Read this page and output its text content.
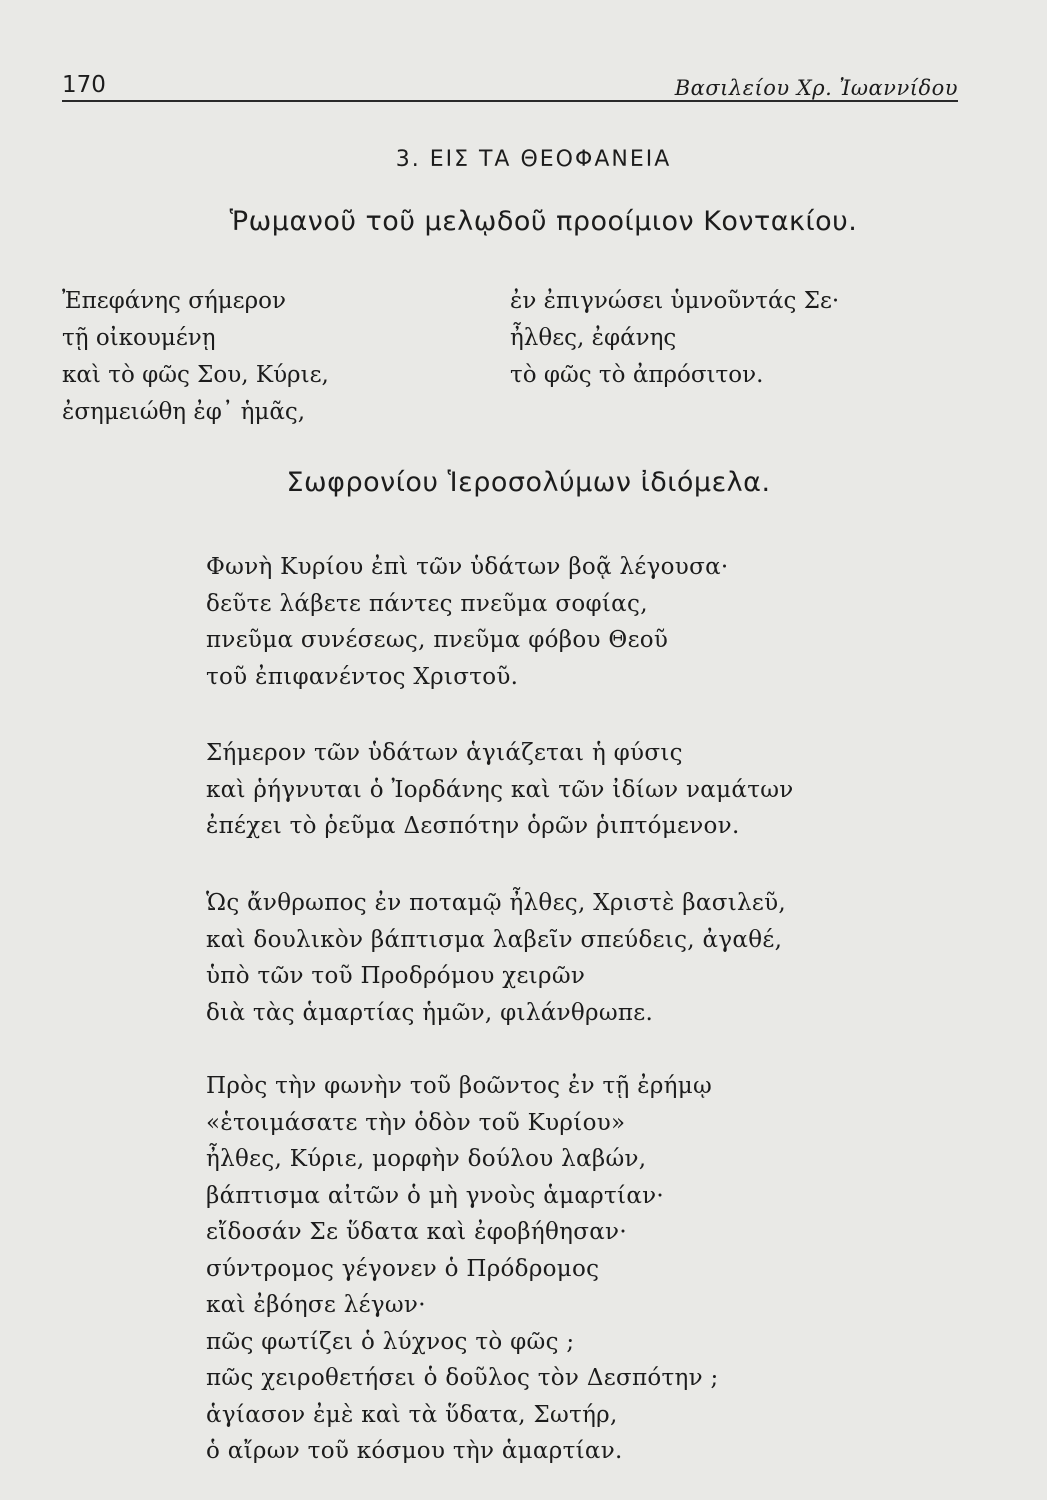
170	Βασιλείου Χρ. Ἰωαννίδου
3. ΕΙΣ ΤΑ ΘΕΟΦΑΝΕΙΑ
Ῥωμανοῦ τοῦ μελῳδοῦ προοίμιον Κοντακίου.
Ἐπεφάνης σήμερον
τῇ οἰκουμένῃ
καὶ τὸ φῶς Σου, Κύριε,
ἐσημειώθη ἐφ᾽ ἡμᾶς,
ἐν ἐπιγνώσει ὑμνοῦντάς Σε·
ἦλθες, ἐφάνης
τὸ φῶς τὸ ἀπρόσιτον.
Σωφρονίου Ἱεροσολύμων ἰδιόμελα.
Φωνὴ Κυρίου ἐπὶ τῶν ὑδάτων βοᾷ λέγουσα·
δεῦτε λάβετε πάντες πνεῦμα σοφίας,
πνεῦμα συνέσεως, πνεῦμα φόβου Θεοῦ
τοῦ ἐπιφανέντος Χριστοῦ.
Σήμερον τῶν ὑδάτων ἁγιάζεται ἡ φύσις
καὶ ῥήγνυται ὁ Ἰορδάνης καὶ τῶν ἰδίων ναμάτων
ἐπέχει τὸ ῥεῦμα Δεσπότην ὁρῶν ῥιπτόμενον.
Ὡς ἄνθρωπος ἐν ποταμῷ ἦλθες, Χριστὲ βασιλεῦ,
καὶ δουλικὸν βάπτισμα λαβεῖν σπεύδεις, ἀγαθέ,
ὑπὸ τῶν τοῦ Προδρόμου χειρῶν
διὰ τὰς ἁμαρτίας ἡμῶν, φιλάνθρωπε.
Πρὸς τὴν φωνὴν τοῦ βοῶντος ἐν τῇ ἐρήμῳ
«ἑτοιμάσατε τὴν ὁδὸν τοῦ Κυρίου»
ἦλθες, Κύριε, μορφὴν δούλου λαβών,
βάπτισμα αἰτῶν ὁ μὴ γνοὺς ἁμαρτίαν·
εἴδοσάν Σε ὕδατα καὶ ἐφοβήθησαν·
σύντρομος γέγονεν ὁ Πρόδρομος
καὶ ἐβόησε λέγων·
πῶς φωτίζει ὁ λύχνος τὸ φῶς ;
πῶς χειροθετήσει ὁ δοῦλος τὸν Δεσπότην ;
ἁγίασον ἐμὲ καὶ τὰ ὕδατα, Σωτήρ,
ὁ αἴρων τοῦ κόσμου τὴν ἁμαρτίαν.
